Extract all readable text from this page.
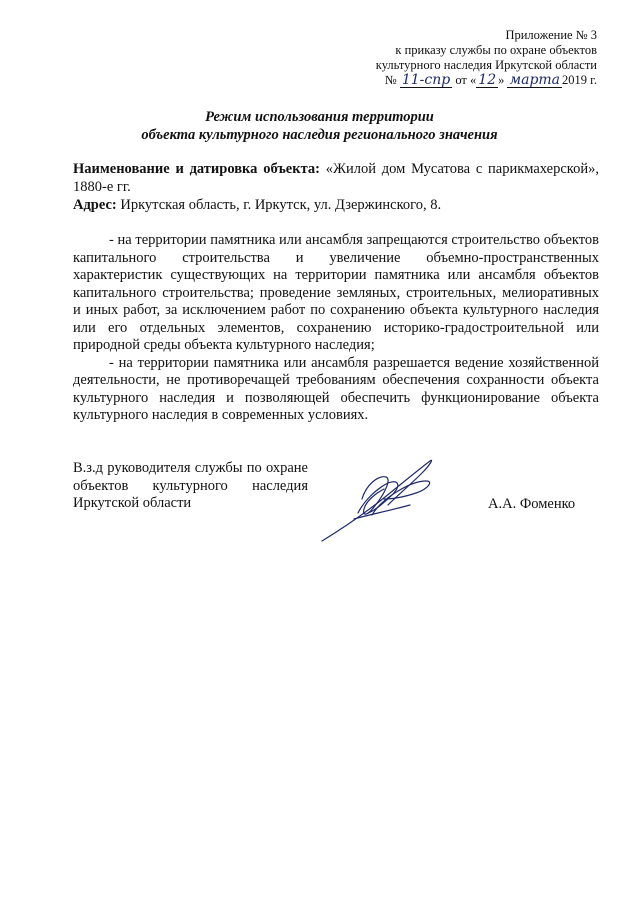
Приложение № 3
к приказу службы по охране объектов
культурного наследия Иркутской области
№ 11-спр от « 12 » марта 2019 г.
Режим использования территории
объекта культурного наследия регионального значения
Наименование и датировка объекта: «Жилой дом Мусатова с парикмахерской», 1880-е гг.
Адрес: Иркутская область, г. Иркутск, ул. Дзержинского, 8.

- на территории памятника или ансамбля запрещаются строительство объектов капитального строительства и увеличение объемно-пространственных характеристик существующих на территории памятника или ансамбля объектов капитального строительства; проведение земляных, строительных, мелиоративных и иных работ, за исключением работ по сохранению объекта культурного наследия или его отдельных элементов, сохранению историко-градостроительной или природной среды объекта культурного наследия;

- на территории памятника или ансамбля разрешается ведение хозяйственной деятельности, не противоречащей требованиям обеспечения сохранности объекта культурного наследия и позволяющей обеспечить функционирование объекта культурного наследия в современных условиях.

В.з.д руководителя службы по охране объектов культурного наследия Иркутской области	А.А. Фоменко
